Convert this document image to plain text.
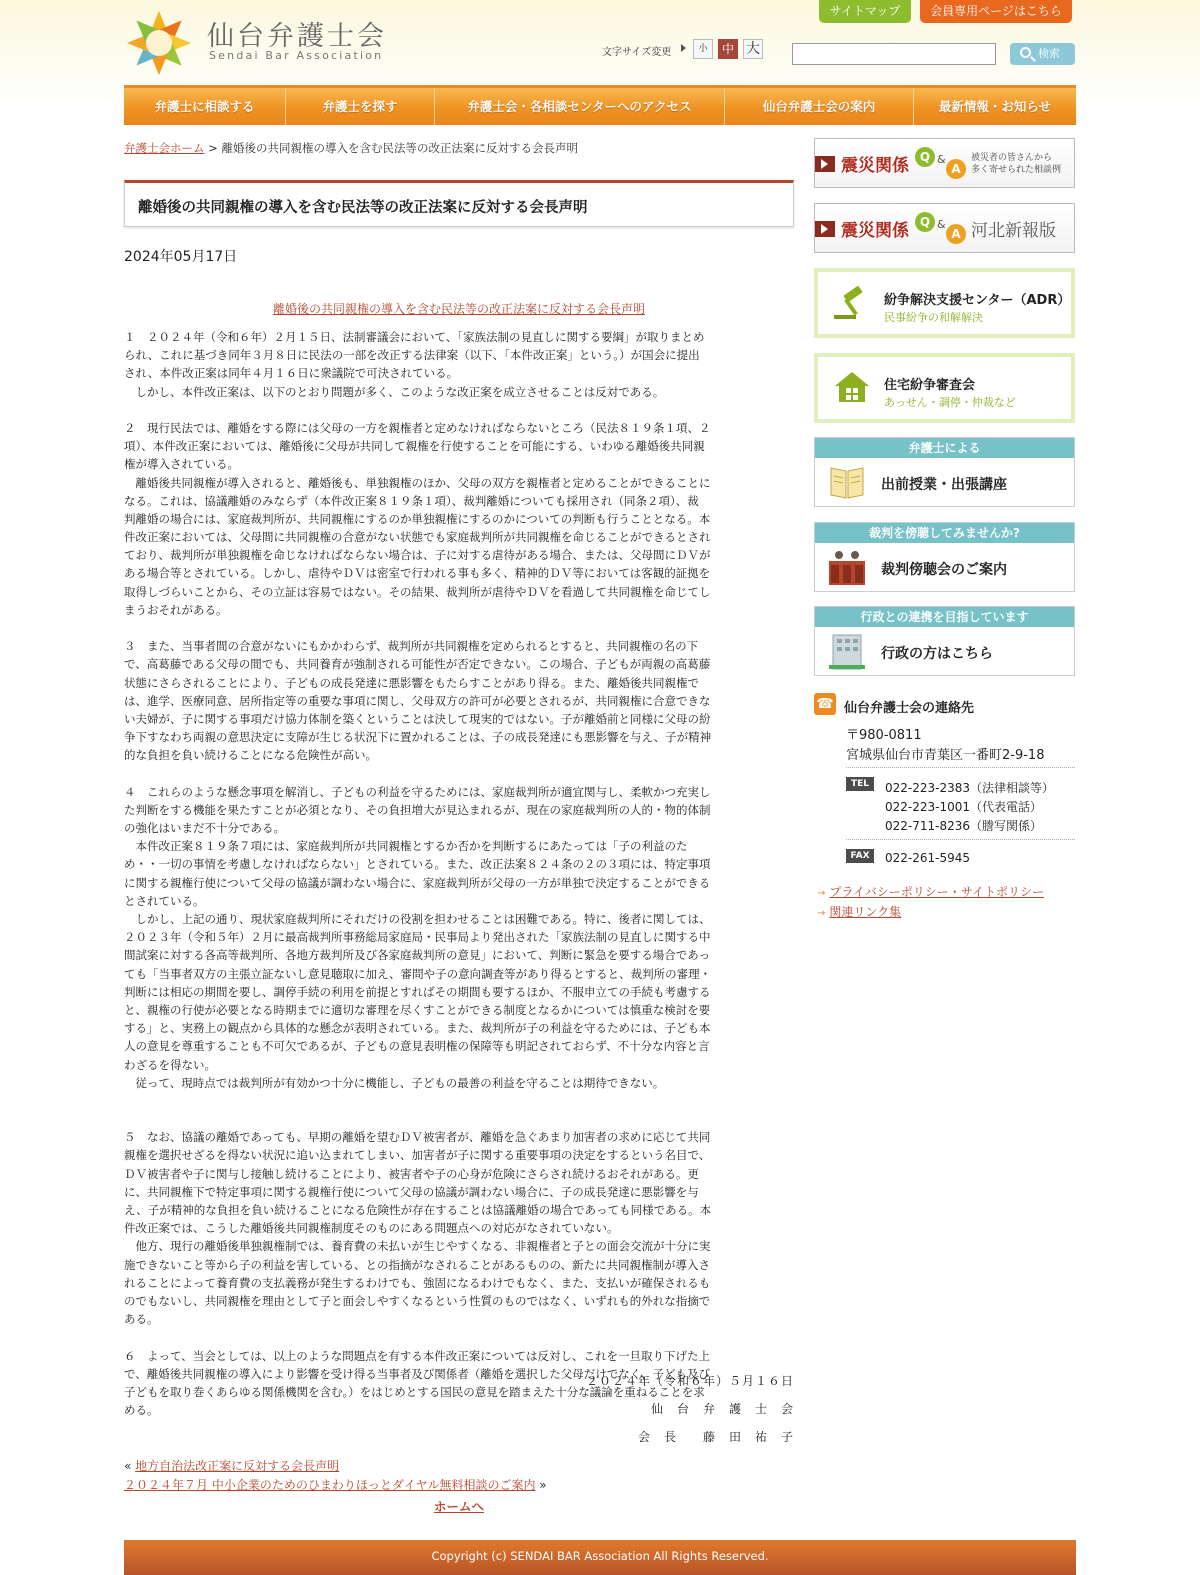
仙台弁護士会
Sendai Bar Association
サイトマップ	会員専用ページはこちら
文字サイズ変更	小	中 大	検索
弁護士に相談する	弁護士を探す	弁護士会・各相談センターへのアクセス	仙台弁護士会の案内	最新情報・お知らせ
弁護士会ホーム > 離婚後の共同親権の導入を含む民法等の改正法案に反対する会長声明
離婚後の共同親権の導入を含む民法等の改正法案に反対する会長声明
2024年05月17日
離婚後の共同親権の導入を含む民法等の改正法案に反対する会長声明
１　２０２４年（令和６年）２月１５日、法制審議会において、「家族法制の見直しに関する要綱」が取りまとめ
られ、これに基づき同年３月８日に民法の一部を改正する法律案（以下、「本件改正案」という。）が国会に提出
され、本件改正案は同年４月１６日に衆議院で可決されている。
　しかし、本件改正案は、以下のとおり問題が多く、このような改正案を成立させることは反対である。
２　現行民法では、離婚をする際には父母の一方を親権者と定めなければならないところ（民法８１９条１項、２
項）、本件改正案においては、離婚後に父母が共同して親権を行使することを可能にする、いわゆる離婚後共同親
権が導入されている。
　離婚後共同親権が導入されると、離婚後も、単独親権のほか、父母の双方を親権者と定めることができることに
なる。これは、協議離婚のみならず（本件改正案８１９条１項）、裁判離婚についても採用され（同条２項）、裁
判離婚の場合には、家庭裁判所が、共同親権にするのか単独親権にするのかについての判断も行うこととなる。本
件改正案においては、父母間に共同親権の合意がない状態でも家庭裁判所が共同親権を命じることができるとされ
ており、裁判所が単独親権を命じなければならない場合は、子に対する虐待がある場合、または、父母間にＤＶが
ある場合等とされている。しかし、虐待やＤＶは密室で行われる事も多く、精神的ＤＶ等においては客観的証拠を
取得しづらいことから、その立証は容易ではない。その結果、裁判所が虐待やＤＶを看過して共同親権を命じてし
まうおそれがある。
３　また、当事者間の合意がないにもかかわらず、裁判所が共同親権を定められるとすると、共同親権の名の下
で、高葛藤である父母の間でも、共同養育が強制される可能性が否定できない。この場合、子どもが両親の高葛藤
状態にさらされることにより、子どもの成長発達に悪影響をもたらすことがあり得る。また、離婚後共同親権で
は、進学、医療同意、居所指定等の重要な事項に関し、父母双方の許可が必要とされるが、共同親権に合意できな
い夫婦が、子に関する事項だけ協力体制を築くということは決して現実的ではない。子が離婚前と同様に父母の紛
争下すなわち両親の意思決定に支障が生じる状況下に置かれることは、子の成長発達にも悪影響を与え、子が精神
的な負担を負い続けることになる危険性が高い。
４　これらのような懸念事項を解消し、子どもの利益を守るためには、家庭裁判所が適宜関与し、柔軟かつ充実し
た判断をする機能を果たすことが必須となり、その負担増大が見込まれるが、現在の家庭裁判所の人的・物的体制
の強化はいまだ不十分である。
　本件改正案８１９条７項には、家庭裁判所が共同親権とするか否かを判断するにあたっては「子の利益のた
め・・一切の事情を考慮しなければならない」とされている。また、改正法案８２４条の２の３項には、特定事項
に関する親権行使について父母の協議が調わない場合に、家庭裁判所が父母の一方が単独で決定することができる
とされている。
　しかし、上記の通り、現状家庭裁判所にそれだけの役割を担わせることは困難である。特に、後者に関しては、
２０２３年（令和５年）２月に最高裁判所事務総局家庭局・民事局より発出された「家族法制の見直しに関する中
間試案に対する各高等裁判所、各地方裁判所及び各家庭裁判所の意見」において、判断に緊急を要する場合であっ
ても「当事者双方の主張立証ないし意見聴取に加え、審問や子の意向調査等があり得るとすると、裁判所の審理・
判断には相応の期間を要し、調停手続の利用を前提とすればその期間も要するほか、不服申立ての手続も考慮する
と、親権の行使が必要となる時期までに適切な審理を尽くすことができる制度となるかについては慎重な検討を要
する」と、実務上の観点から具体的な懸念が表明されている。また、裁判所が子の利益を守るためには、子ども本
人の意見を尊重することも不可欠であるが、子どもの意見表明権の保障等も明記されておらず、不十分な内容と言
わざるを得ない。
　従って、現時点では裁判所が有効かつ十分に機能し、子どもの最善の利益を守ることは期待できない。
５　なお、協議の離婚であっても、早期の離婚を望むＤＶ被害者が、離婚を急ぐあまり加害者の求めに応じて共同
親権を選択せざるを得ない状況に追い込まれてしまい、加害者が子に関する重要事項の決定をするという名目で、
ＤＶ被害者や子に関与し接触し続けることにより、被害者や子の心身が危険にさらされ続けるおそれがある。更
に、共同親権下で特定事項に関する親権行使について父母の協議が調わない場合に、子の成長発達に悪影響を与
え、子が精神的な負担を負い続けることになる危険性が存在することは協議離婚の場合であっても同様である。本
件改正案では、こうした離婚後共同親権制度そのものにある問題点への対応がなされていない。
　他方、現行の離婚後単独親権制では、養育費の未払いが生じやすくなる、非親権者と子との面会交流が十分に実
施できないこと等から子の利益を害している、との指摘がなされることがあるものの、新たに共同親権制が導入さ
れることによって養育費の支払義務が発生するわけでも、強固になるわけでもなく、また、支払いが確保されるも
のでもないし、共同親権を理由として子と面会しやすくなるという性質のものではなく、いずれも的外れな指摘で
ある。
６　よって、当会としては、以上のような問題点を有する本件改正案については反対し、これを一旦取り下げた上
で、離婚後共同親権の導入により影響を受け得る当事者及び関係者（離婚を選択した父母だけでなく、子ども及び
子どもを取り巻くあらゆる関係機関を含む。）をはじめとする国民の意見を踏まえた十分な議論を重ねることを求
める。
２０２４年（令和６年）５月１６日
仙　台　弁　護　士　会
会　長　　藤　田　祐　子
« 地方自治法改正案に反対する会長声明
２０２４年７月 中小企業のためのひまわりほっとダイヤル無料相談のご案内 »
ホームへ
震災関係 Q &
A
被災者の皆さんから
多く寄せられた相談例
震災関係 Q &
A 河北新報版
紛争解決支援センター（ADR）
民事紛争の和解解決
住宅紛争審査会
あっせん・調停・仲裁など
弁護士による
出前授業・出張講座
裁判を傍聴してみませんか?
裁判傍聴会のご案内
行政との連携を目指しています
行政の方はこちら
☎ 仙台弁護士会の連絡先
〒980-0811
宮城県仙台市青葉区一番町2-9-18
TEL	022-223-2383（法律相談等）
022-223-1001（代表電話）
022-711-8236（謄写関係）
FAX	022-261-5945
→ プライバシーポリシー・サイトポリシー
→ 関連リンク集
Copyright (c) SENDAI BAR Association All Rights Reserved.
